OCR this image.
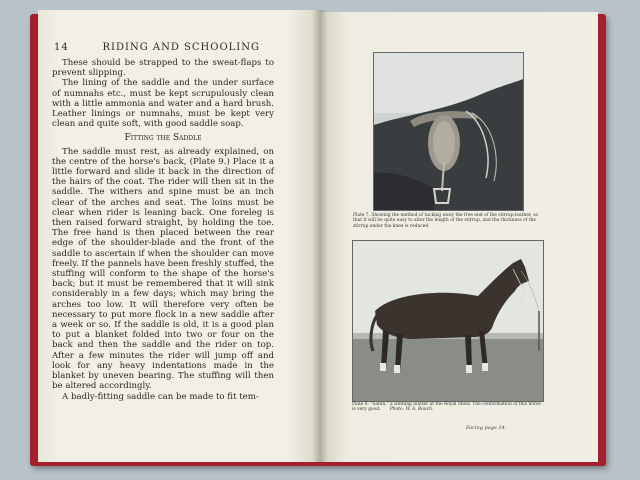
14	RIDING AND SCHOOLING

These should be strapped to the sweat-flaps to prevent slipping.

The lining of the saddle and the under surface of numnahs etc., must be kept scrupulously clean with a little ammonia and water and a hard brush. Leather linings or numnahs, must be kept very clean and quite soft, with good saddle soap.

Fitting the Saddle

The saddle must rest, as already explained, on the centre of the horse's back, (Plate 9.) Place it a little forward and slide it back in the direction of the hairs of the coat. The rider will then sit in the saddle. The withers and spine must be an inch clear of the arches and seat. The loins must be clear when rider is leaning back. One foreleg is then raised forward straight, by holding the toe. The free hand is then placed between the rear edge of the shoulder-blade and the front of the saddle to ascertain if when the shoulder can move freely. If the pannels have been freshly stuffed, the stuffing will conform to the shape of the horse's back; but it must be remembered that it will sink considerably in a few days; which may bring the arches too low. It will therefore very often be necessary to put more flock in a new saddle after a week or so. If the saddle is old, it is a good plan to put a blanket folded into two or four on the back and then the saddle and the rider on top. After a few minutes the rider will jump off and look for any heavy indentations made in the blanket by uneven bearing. The stuffing will then be altered accordingly.

A badly-fitting saddle can be made to fit tem-

Plate 7. Showing the method of tucking away the free end of the stirrup-leather, so that it will be quite easy to alter the length of the stirrup, and the thickness of the stirrup under the knee is reduced.
Plate 8. "Satan," a winning hunter at the Royal Show. The conformation of this horse is very good. Photo, W. A. Rouch.
Facing page 14.
